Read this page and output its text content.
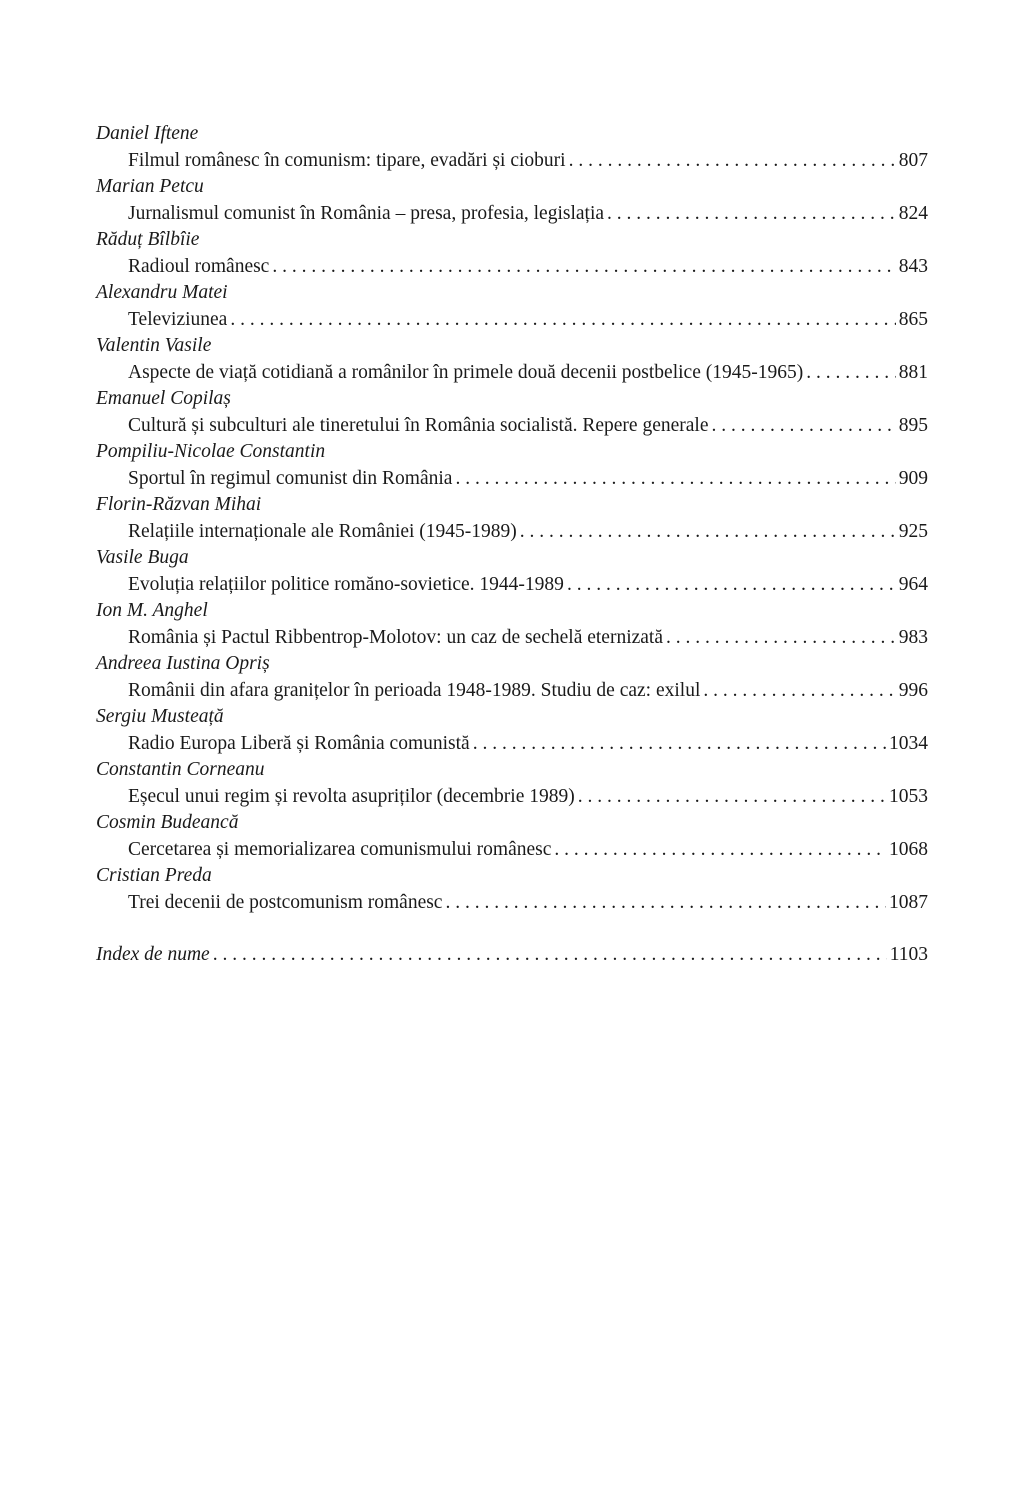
Daniel Iftene
Filmul românesc în comunism: tipare, evadări și cioburi . . .	807
Marian Petcu
Jurnalismul comunist în România – presa, profesia, legislația . . .	824
Răduț Bîlbîie
Radioul românesc . . .	843
Alexandru Matei
Televiziunea . . .	865
Valentin Vasile
Aspecte de viață cotidiană a românilor în primele două decenii postbelice (1945-1965) . . .	881
Emanuel Copilaș
Cultură și subculturi ale tineretului în România socialistă. Repere generale . . .	895
Pompiliu-Nicolae Constantin
Sportul în regimul comunist din România . . .	909
Florin-Răzvan Mihai
Relațiile internaționale ale României (1945-1989) . . .	925
Vasile Buga
Evoluția relațiilor politice romăno-sovietice. 1944-1989 . . .	964
Ion M. Anghel
România și Pactul Ribbentrop-Molotov: un caz de sechelă eternizată . . .	983
Andreea Iustina Opriș
Românii din afara granițelor în perioada 1948-1989. Studiu de caz: exilul . . .	996
Sergiu Musteață
Radio Europa Liberă și România comunistă . . .	1034
Constantin Corneanu
Eșecul unui regim și revolta asupriților (decembrie 1989) . . .	1053
Cosmin Budeancă
Cercetarea și memorializarea comunismului românesc . . .	1068
Cristian Preda
Trei decenii de postcomunism românesc . . .	1087
Index de nume . . .	1103
